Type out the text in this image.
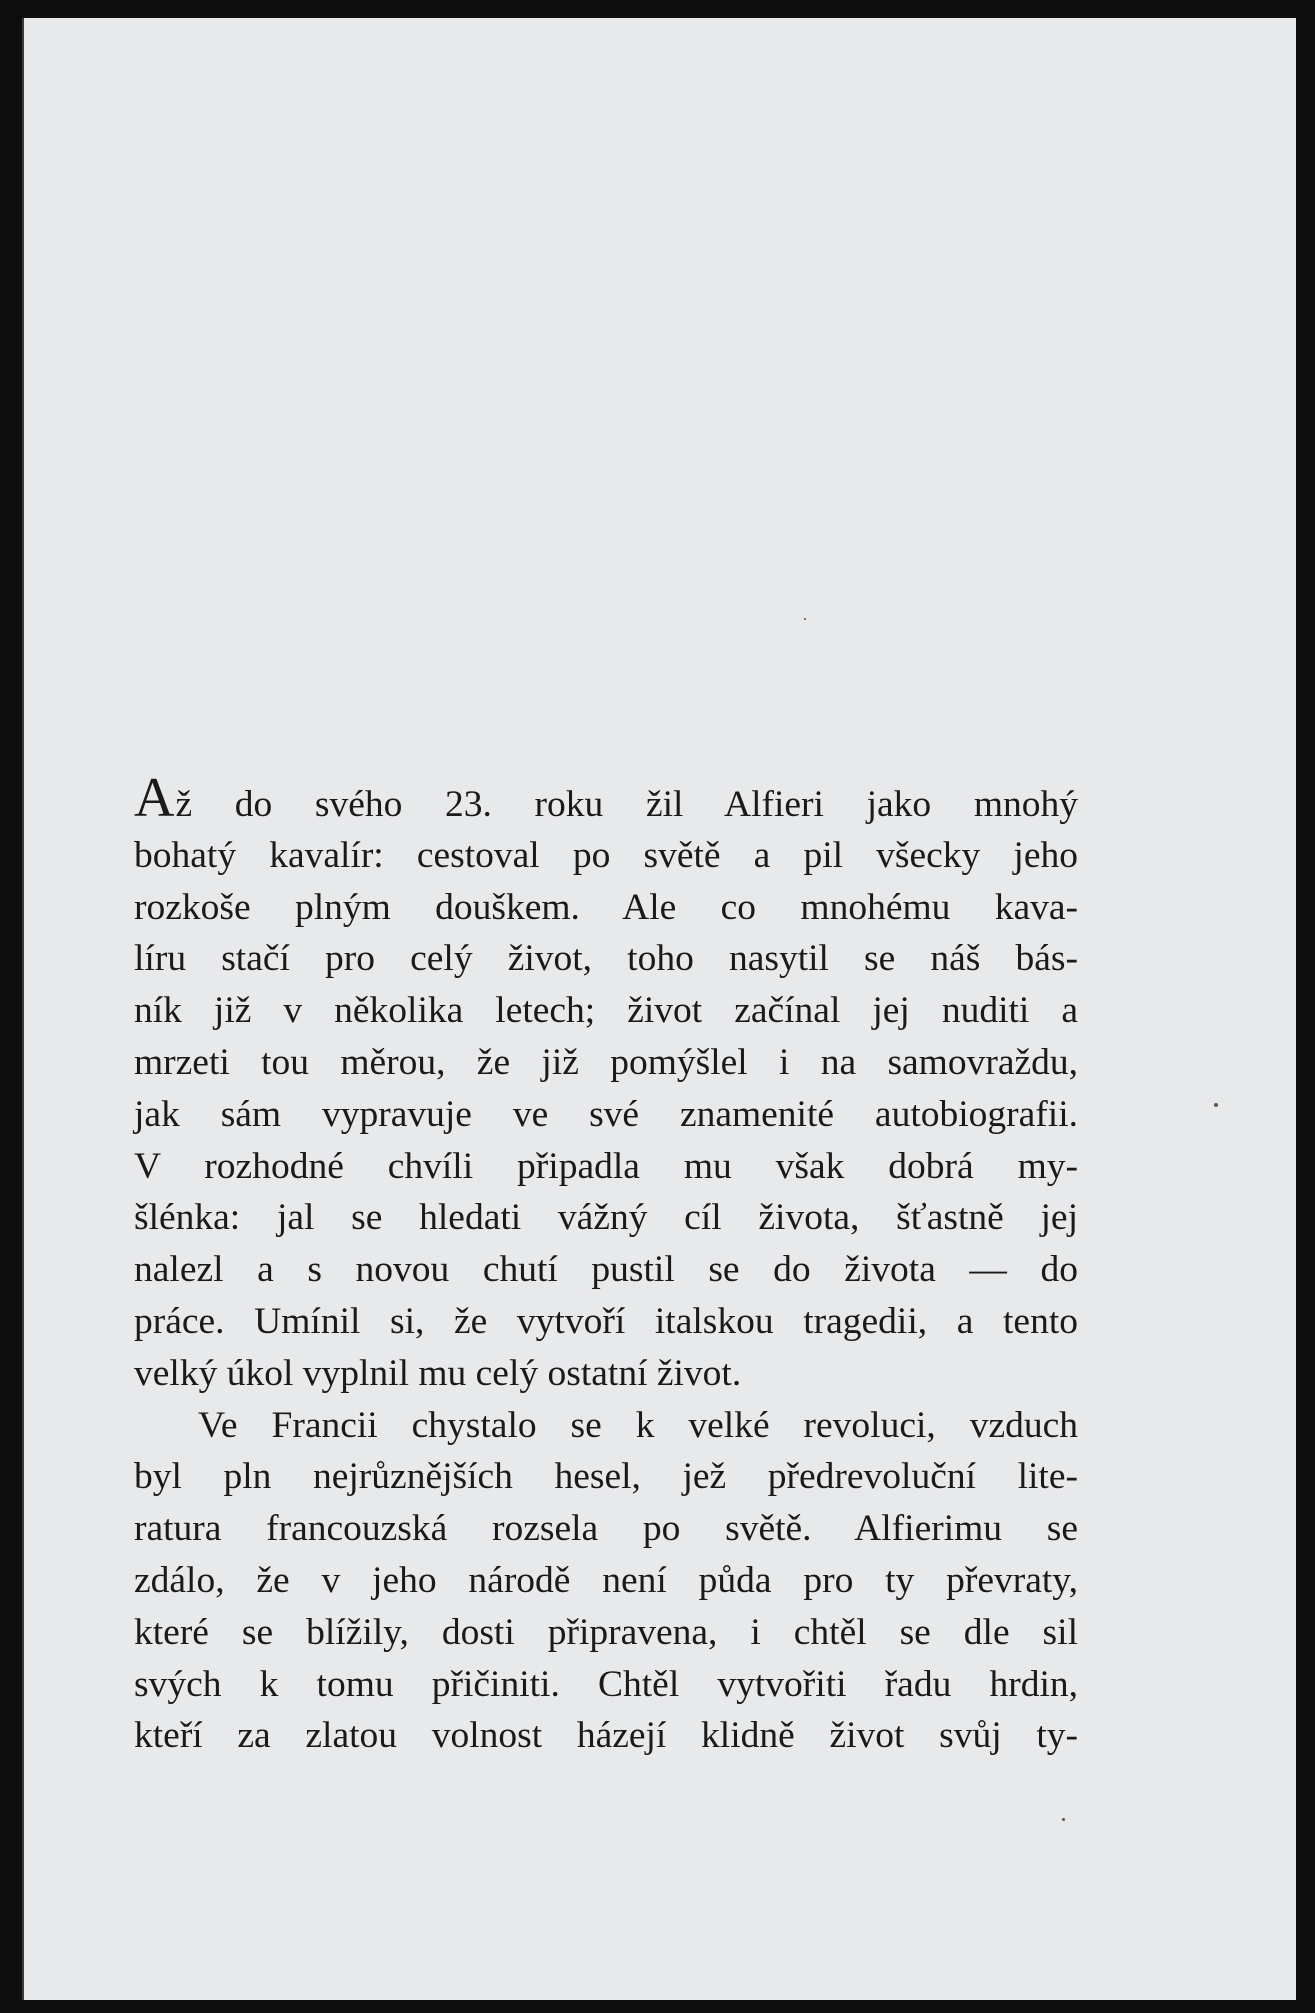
Až do svého 23. roku žil Alfieri jako mnohý
bohatý kavalír: cestoval po světě a pil všecky jeho
rozkoše plným douškem. Ale co mnohému kava-
líru stačí pro celý život, toho nasytil se náš bás-
ník již v několika letech; život začínal jej nuditi a
mrzeti tou měrou, že již pomýšlel i na samovraždu,
jak sám vypravuje ve své znamenité autobiografii.
V rozhodné chvíli připadla mu však dobrá my-
šlénka: jal se hledati vážný cíl života, šťastně jej
nalezl a s novou chutí pustil se do života — do
práce. Umínil si, že vytvoří italskou tragedii, a tento
velký úkol vyplnil mu celý ostatní život.
Ve Francii chystalo se k velké revoluci, vzduch
byl pln nejrůznějších hesel, jež předrevoluční lite-
ratura francouzská rozsela po světě. Alfierimu se
zdálo, že v jeho národě není půda pro ty převraty,
které se blížily, dosti připravena, i chtěl se dle sil
svých k tomu přičiniti. Chtěl vytvořiti řadu hrdin,
kteří za zlatou volnost házejí klidně život svůj ty-
